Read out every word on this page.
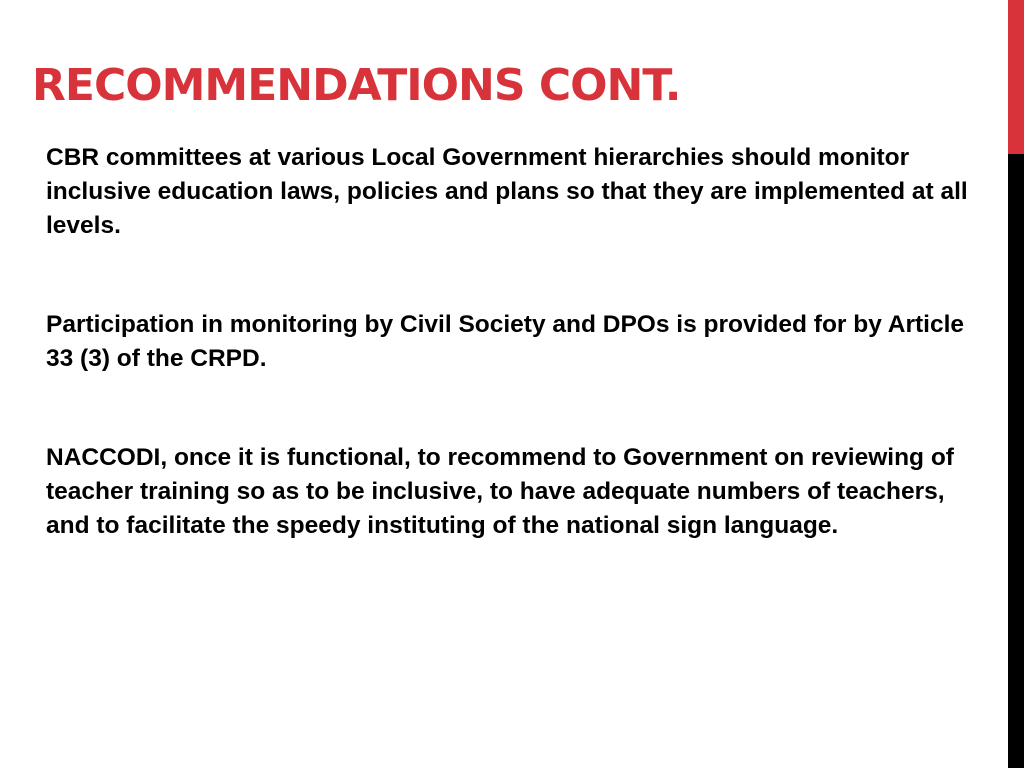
RECOMMENDATIONS CONT.

CBR committees at various Local Government hierarchies should monitor inclusive education laws, policies and plans so that they are implemented at all levels.

Participation in monitoring by Civil Society and DPOs is provided for by Article 33 (3) of the CRPD.

NACCODI, once it is functional, to recommend to Government on reviewing of teacher training so as to be inclusive, to have adequate numbers of teachers, and to facilitate the speedy instituting of the national sign language.
